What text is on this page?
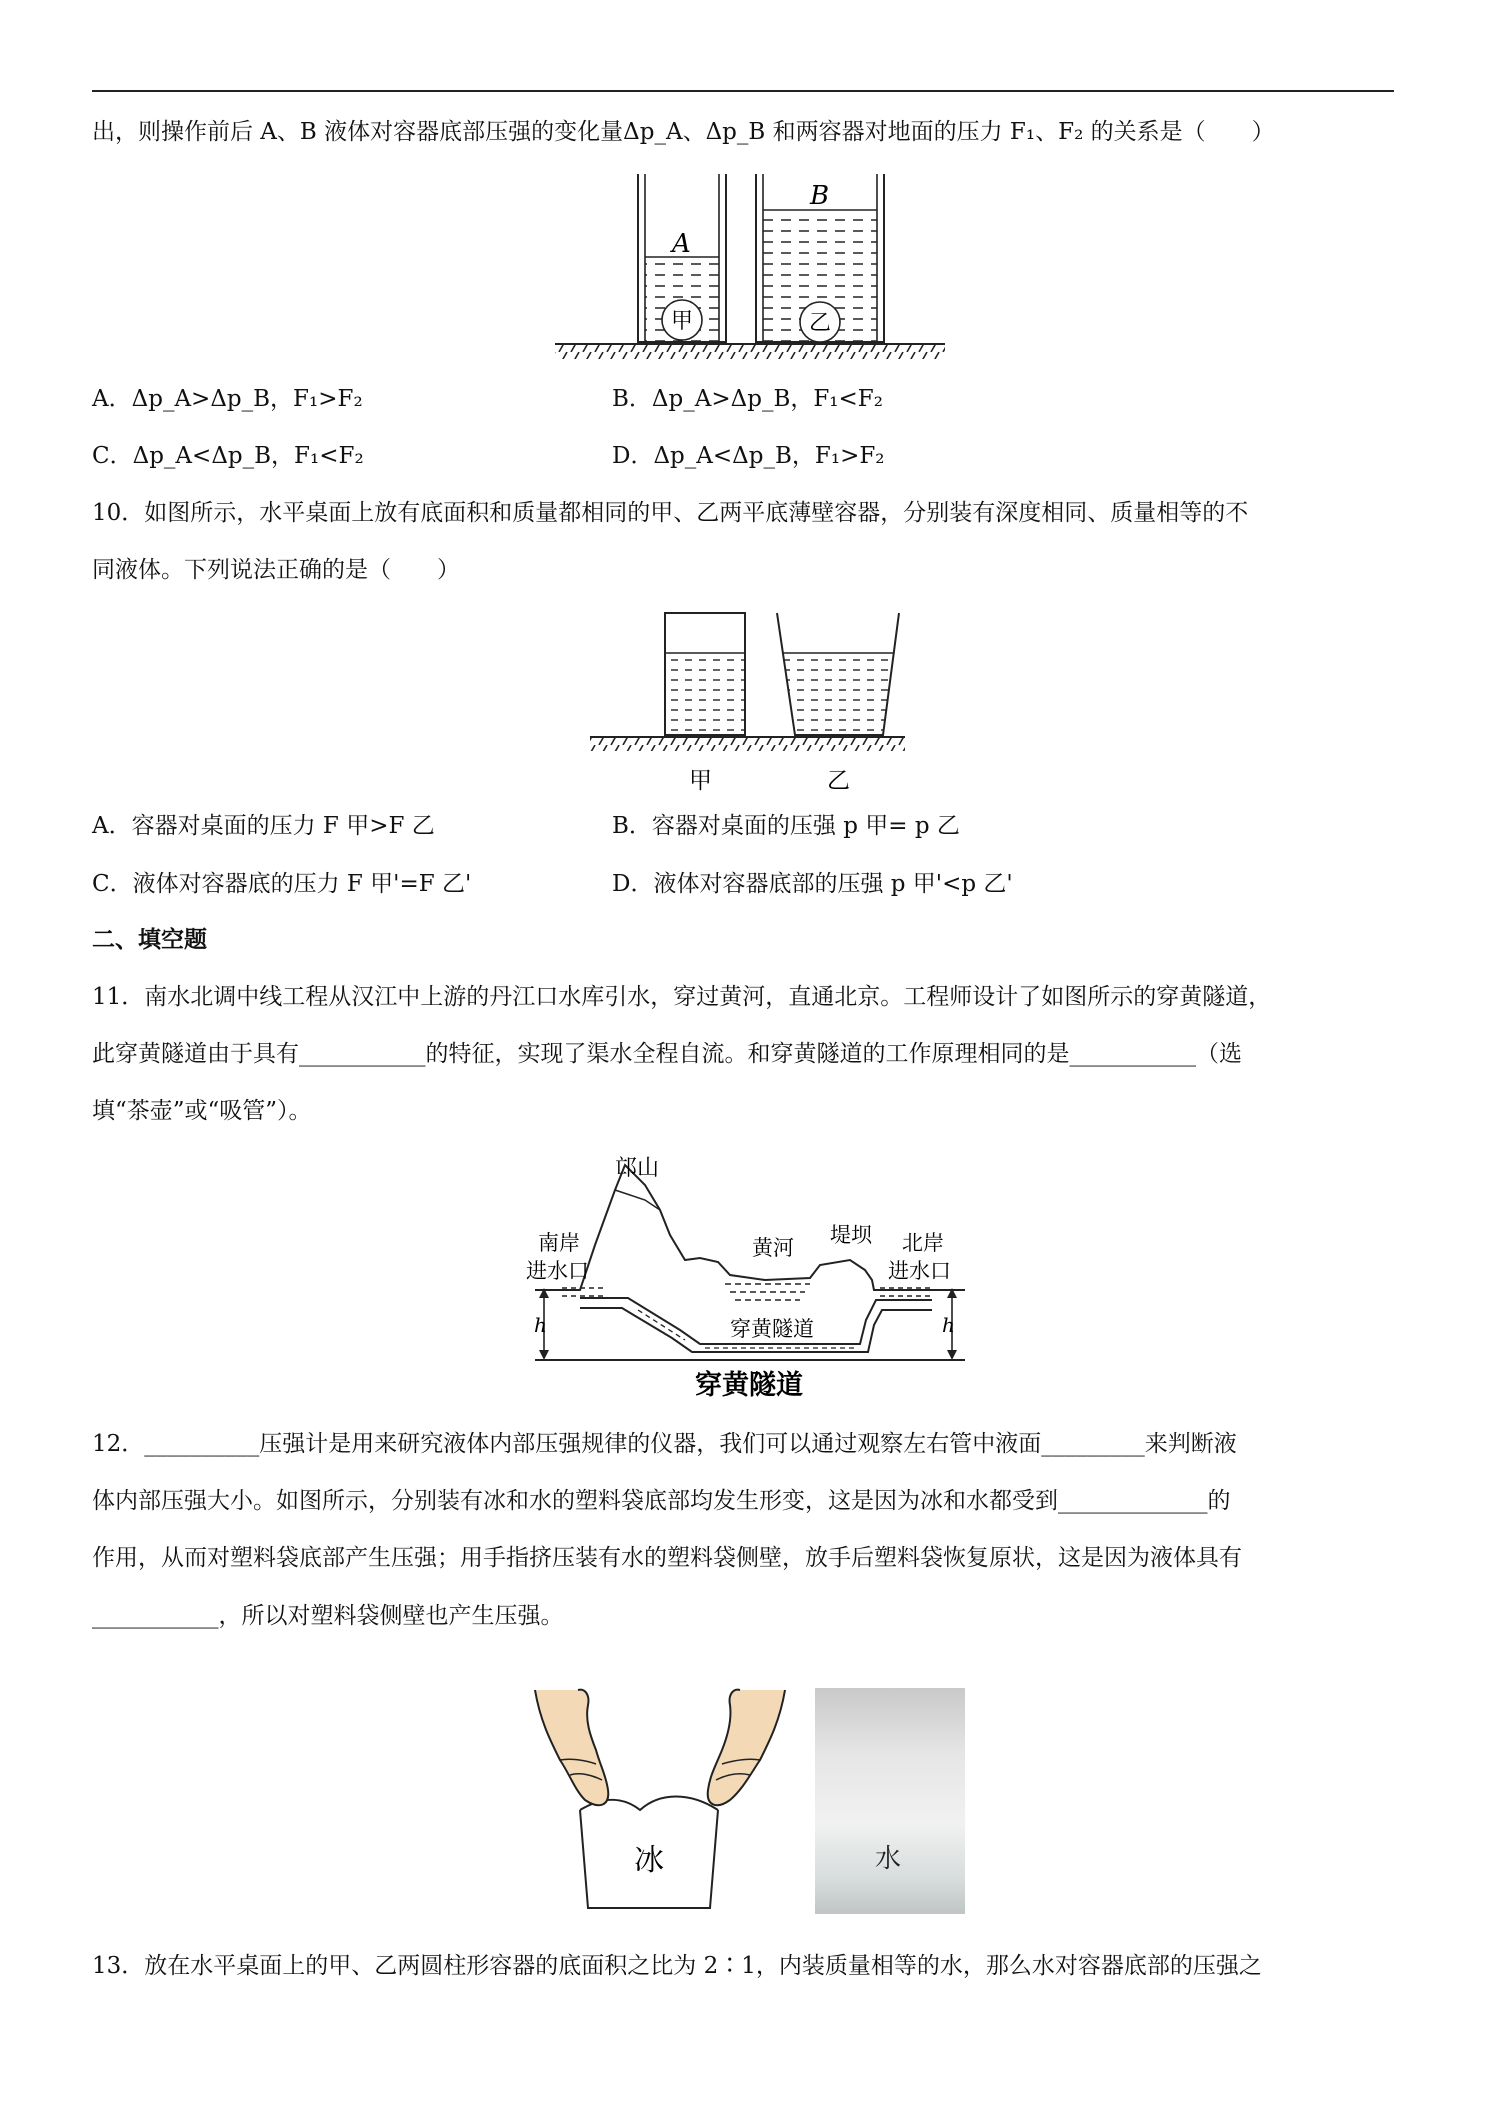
出，则操作前后 A、B 液体对容器底部压强的变化量Δp_A、Δp_B 和两容器对地面的压力 F₁、F₂ 的关系是（　　）
A
B
甲	乙
A．Δp_A>Δp_B，F₁>F₂	B．Δp_A>Δp_B，F₁<F₂
C．Δp_A<Δp_B，F₁<F₂	D．Δp_A<Δp_B，F₁>F₂
10．如图所示，水平桌面上放有底面积和质量都相同的甲、乙两平底薄壁容器，分别装有深度相同、质量相等的不
同液体。下列说法正确的是（　　）
甲	乙
A．容器对桌面的压力 F 甲>F 乙	B．容器对桌面的压强 p 甲= p 乙
C．液体对容器底的压力 F 甲'=F 乙'	D．液体对容器底部的压强 p 甲'<p 乙'
二、填空题
11．南水北调中线工程从汉江中上游的丹江口水库引水，穿过黄河，直通北京。工程师设计了如图所示的穿黄隧道，
此穿黄隧道由于具有___________的特征，实现了渠水全程自流。和穿黄隧道的工作原理相同的是___________（选
填“茶壶”或“吸管”）。
h	h
邙山
南岸
进水口
黄河
堤坝 北岸
进水口
穿黄隧道
穿黄隧道
12．__________压强计是用来研究液体内部压强规律的仪器，我们可以通过观察左右管中液面_________来判断液
体内部压强大小。如图所示，分别装有冰和水的塑料袋底部均发生形变，这是因为冰和水都受到_____________的
作用，从而对塑料袋底部产生压强；用手指挤压装有水的塑料袋侧壁，放手后塑料袋恢复原状，这是因为液体具有
___________，所以对塑料袋侧壁也产生压强。
冰	水
13．放在水平桌面上的甲、乙两圆柱形容器的底面积之比为 2∶1，内装质量相等的水，那么水对容器底部的压强之
